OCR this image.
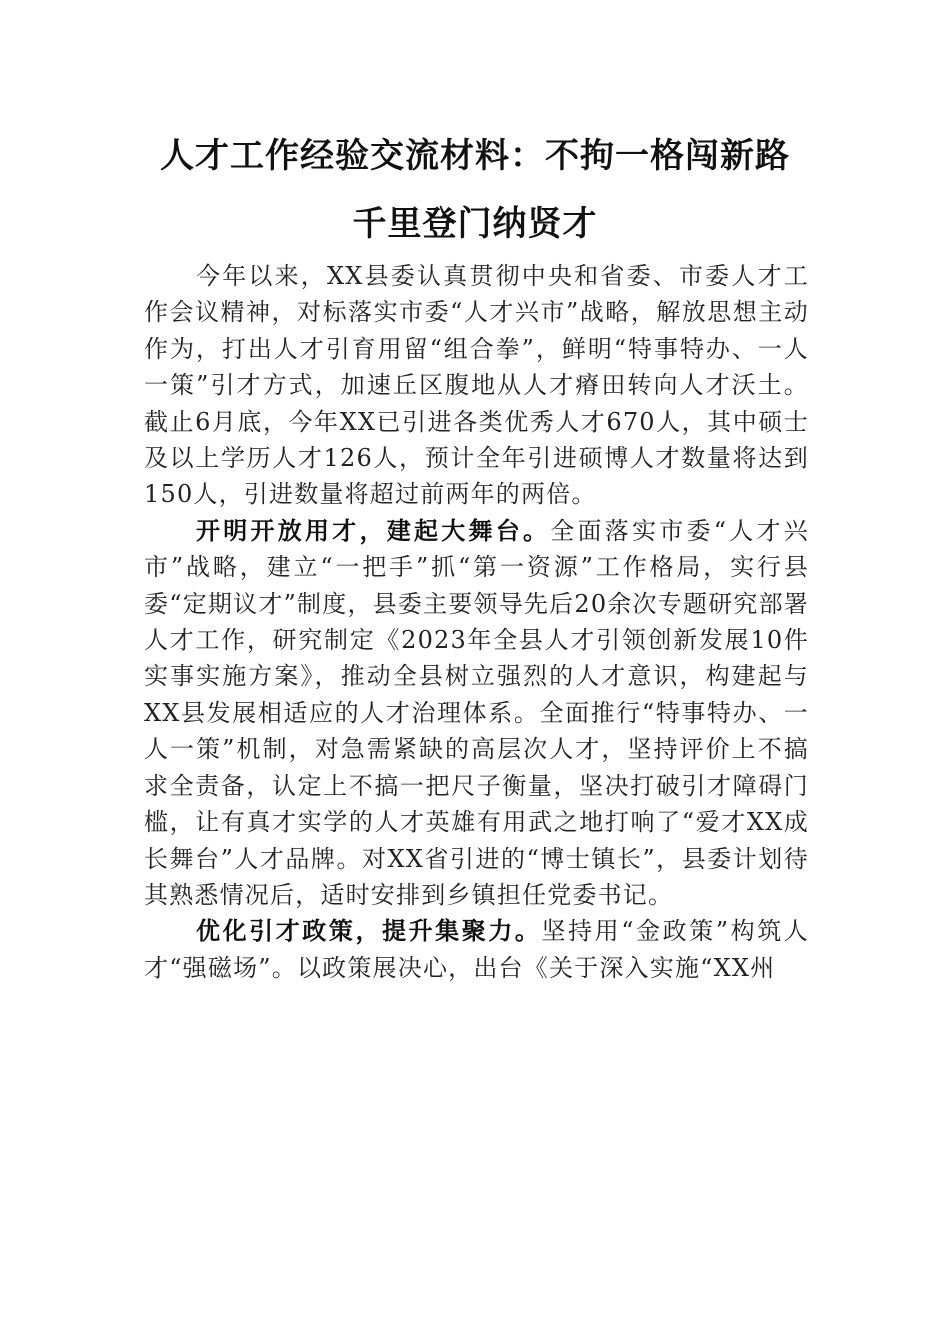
人才工作经验交流材料：不拘一格闯新路
千里登门纳贤才

今年以来，XX县委认真贯彻中央和省委、市委人才工作会议精神，对标落实市委“人才兴市”战略，解放思想主动作为，打出人才引育用留“组合拳”，鲜明“特事特办、一人一策”引才方式，加速丘区腹地从人才瘠田转向人才沃土。截止6月底，今年XX已引进各类优秀人才670人，其中硕士及以上学历人才126人，预计全年引进硕博人才数量将达到150人，引进数量将超过前两年的两倍。

开明开放用才，建起大舞台。全面落实市委“人才兴市”战略，建立“一把手”抓“第一资源”工作格局，实行县委“定期议才”制度，县委主要领导先后20余次专题研究部署人才工作，研究制定《2023年全县人才引领创新发展10件实事实施方案》，推动全县树立强烈的人才意识，构建起与XX县发展相适应的人才治理体系。全面推行“特事特办、一人一策”机制，对急需紧缺的高层次人才，坚持评价上不搞求全责备，认定上不搞一把尺子衡量，坚决打破引才障碍门槛，让有真才实学的人才英雄有用武之地打响了“爱才XX成长舞台”人才品牌。对XX省引进的“博士镇长”，县委计划待其熟悉情况后，适时安排到乡镇担任党委书记。

优化引才政策，提升集聚力。坚持用“金政策”构筑人才“强磁场”。以政策展决心，出台《关于深入实施“XX州
